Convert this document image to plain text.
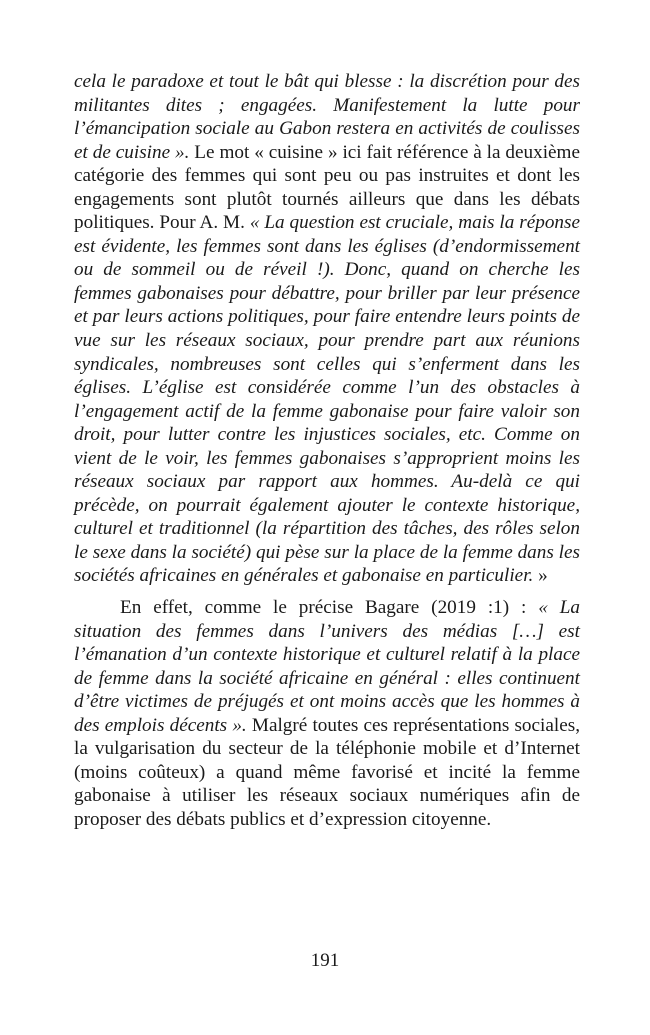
cela le paradoxe et tout le bât qui blesse : la discrétion pour des militantes dites ; engagées. Manifestement la lutte pour l’émancipation sociale au Gabon restera en activités de coulisses et de cuisine ». Le mot « cuisine » ici fait référence à la deuxième catégorie des femmes qui sont peu ou pas instruites et dont les engagements sont plutôt tournés ailleurs que dans les débats politiques. Pour A. M. « La question est cruciale, mais la réponse est évidente, les femmes sont dans les églises (d’endormissement ou de sommeil ou de réveil !). Donc, quand on cherche les femmes gabonaises pour débattre, pour briller par leur présence et par leurs actions politiques, pour faire entendre leurs points de vue sur les réseaux sociaux, pour prendre part aux réunions syndicales, nombreuses sont celles qui s’enferment dans les églises. L’église est considérée comme l’un des obstacles à l’engagement actif de la femme gabonaise pour faire valoir son droit, pour lutter contre les injustices sociales, etc. Comme on vient de le voir, les femmes gabonaises s’approprient moins les réseaux sociaux par rapport aux hommes. Au-delà ce qui précède, on pourrait également ajouter le contexte historique, culturel et traditionnel (la répartition des tâches, des rôles selon le sexe dans la société) qui pèse sur la place de la femme dans les sociétés africaines en générales et gabonaise en particulier. »

En effet, comme le précise Bagare (2019 :1) : « La situation des femmes dans l’univers des médias […] est l’émanation d’un contexte historique et culturel relatif à la place de femme dans la société africaine en général : elles continuent d’être victimes de préjugés et ont moins accès que les hommes à des emplois décents ». Malgré toutes ces représentations sociales, la vulgarisation du secteur de la téléphonie mobile et d’Internet (moins coûteux) a quand même favorisé et incité la femme gabonaise à utiliser les réseaux sociaux numériques afin de proposer des débats publics et d’expression citoyenne.

191
